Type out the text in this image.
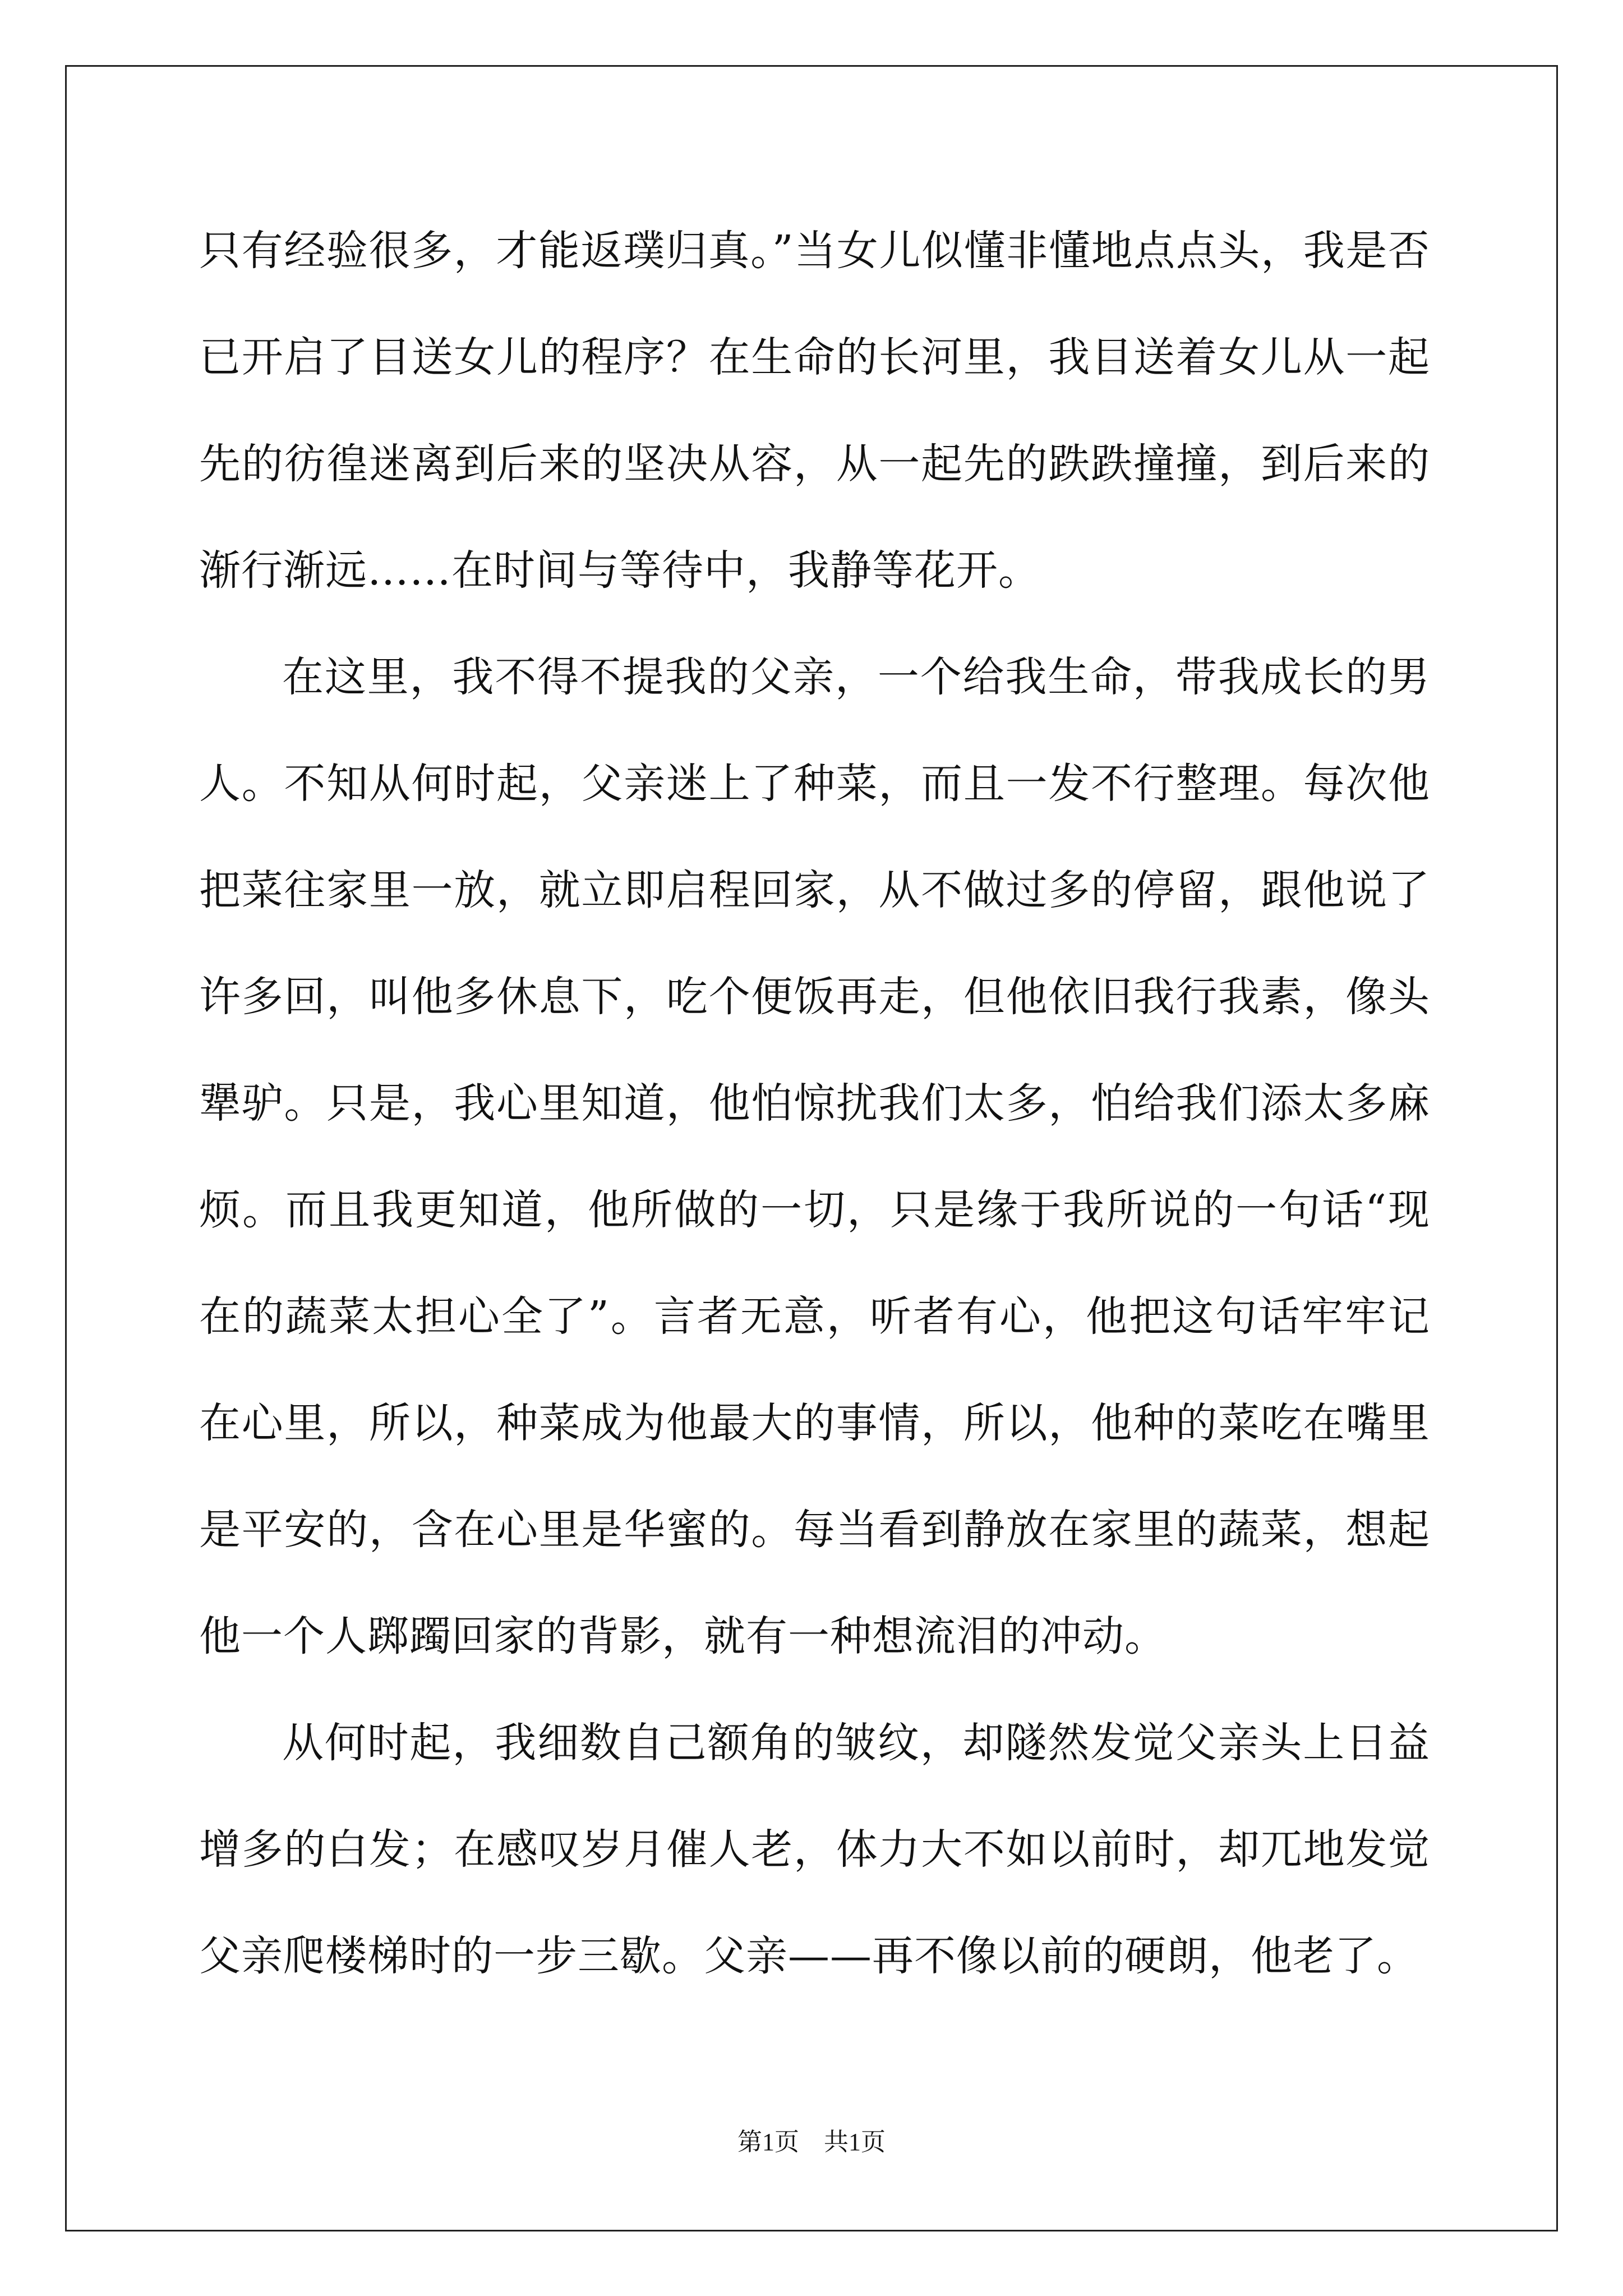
只有经验很多，才能返璞归真。”当女儿似懂非懂地点点头，我是否已开启了目送女儿的程序？在生命的长河里，我目送着女儿从一起先的彷徨迷离到后来的坚决从容，从一起先的跌跌撞撞，到后来的渐行渐远……在时间与等待中，我静等花开。

在这里，我不得不提我的父亲，一个给我生命，带我成长的男人。不知从何时起，父亲迷上了种菜，而且一发不行整理。每次他把菜往家里一放，就立即启程回家，从不做过多的停留，跟他说了许多回，叫他多休息下，吃个便饭再走，但他依旧我行我素，像头犟驴。只是，我心里知道，他怕惊扰我们太多，怕给我们添太多麻烦。而且我更知道，他所做的一切，只是缘于我所说的一句话“现在的蔬菜太担心全了”。言者无意，听者有心，他把这句话牢牢记在心里，所以，种菜成为他最大的事情，所以，他种的菜吃在嘴里是平安的，含在心里是华蜜的。每当看到静放在家里的蔬菜，想起他一个人踯躅回家的背影，就有一种想流泪的冲动。

从何时起，我细数自己额角的皱纹，却隧然发觉父亲头上日益增多的白发；在感叹岁月催人老，体力大不如以前时，却兀地发觉父亲爬楼梯时的一步三歇。父亲——再不像以前的硬朗，他老了。

第1页 共1页
